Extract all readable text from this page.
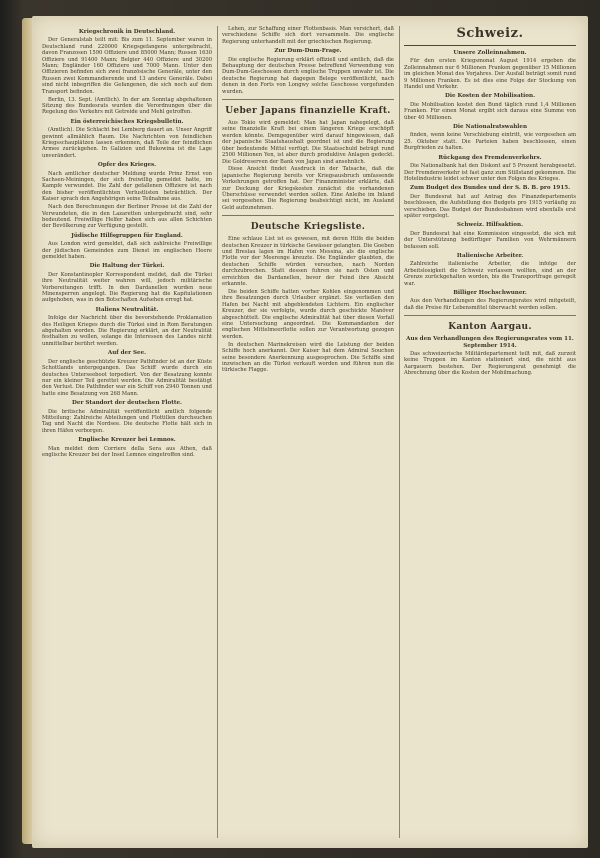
Kriegschronik in Deutschland.

Der Generalstab teilt mit: Bis zum 11. September waren in Deutschland rund 220000 Kriegsgefangene untergebracht, davon Franzosen 1590 Offiziere und 85000 Mann; Russen 1630 Offiziere und 91400 Mann; Belgier 440 Offiziere und 30200 Mann; Engländer 160 Offiziere und 7000 Mann. Unter den Offizieren befinden sich zwei französische Generäle, unter den Russen zwei Kommandierende und 13 andere Generäle. Dabei sind nicht inbegriffen die Gefangenen, die sich noch auf dem Transport befinden.

Berlin, 13. Sept. (Amtlich). In der am Sonntag abgehaltenen Sitzung des Bundesrats wurden die Verordnungen über die Regelung des Verkehrs mit Getreide und Mehl getroffen.

Ein österreichisches Kriegsbulletin.

(Amtlich). Die Schlacht bei Lemberg dauert an. Unser Angriff gewinnt allmählich Raum. Die Nachrichten von feindlichen Kriegsschauplätzen lassen erkennen, daß Teile der feindlichen Armee zurückgehen. In Galizien und Bukowina ist die Lage unverändert.

Opfer des Krieges.

Nach amtlicher deutscher Meldung wurde Prinz Ernst von Sachsen-Meiningen, der sich freiwillig gemeldet hatte, im Kampfe verwundet. Die Zahl der gefallenen Offiziere ist nach den bisher veröffentlichten Verlustlisten beträchtlich. Der Kaiser sprach den Angehörigen seine Teilnahme aus.

Nach den Berechnungen der Berliner Presse ist die Zahl der Verwundeten, die in den Lazaretten untergebracht sind, sehr bedeutend. Freiwillige Helfer haben sich aus allen Schichten der Bevölkerung zur Verfügung gestellt.

Jüdische Hilfsgruppen für England.

Aus London wird gemeldet, daß sich zahlreiche Freiwillige der jüdischen Gemeinden zum Dienst im englischen Heere gemeldet haben.

Die Haltung der Türkei.

Der Konstantinopler Korrespondent meldet, daß die Türkei ihre Neutralität weiter wahren will, jedoch militärische Vorbereitungen trifft. In den Dardanellen wurden neue Minensperren angelegt. Die Regierung hat die Kapitulationen aufgehoben, was in den Botschaften Aufsehen erregt hat.

Italiens Neutralität.

Infolge der Nachricht über die bevorstehende Proklamation des Heiligen Krieges durch die Türkei sind in Rom Beratungen abgehalten worden. Die Regierung erklärt, an der Neutralität festhalten zu wollen, solange die Interessen des Landes nicht unmittelbar berührt werden.

Auf der See.

Der englische geschützte Kreuzer Pathfinder ist an der Küste Schottlands untergegangen. Das Schiff wurde durch ein deutsches Unterseeboot torpediert. Von der Besatzung konnte nur ein kleiner Teil gerettet werden. Die Admiralität bestätigt den Verlust. Die Pathfinder war ein Schiff von 2940 Tonnen und hatte eine Besatzung von 268 Mann.

Der Standort der deutschen Flotte.

Die britische Admiralität veröffentlicht amtlich folgende Mitteilung: Zahlreiche Abteilungen und Flottillen durchsuchen Tag und Nacht die Nordsee. Die deutsche Flotte hält sich in ihren Häfen verborgen.

Englische Kreuzer bei Lemnos.

Man meldet dem Corriere della Sera aus Athen, daß englische Kreuzer bei der Insel Lemnos eingetroffen sind.

Lehen, zur Schaffung einer Flottenbasis. Man versichert, daß verschiedene Schiffe sich dort versammeln. Die englische Regierung unterhandelt mit der griechischen Regierung.

Zur Dum-Dum-Frage.

Die englische Regierung erklärt offiziell und amtlich, daß die Behauptung der deutschen Presse betreffend Verwendung von Dum-Dum-Geschossen durch englische Truppen unwahr ist. Die deutsche Regierung hat dagegen Belege veröffentlicht, nach denen in den Forts von Longwy solche Geschosse vorgefunden wurden.

Ueber Japans finanzielle Kraft.

Aus Tokio wird gemeldet: Man hat Japan nahegelegt, daß seine finanzielle Kraft bei einem längeren Kriege erschöpft werden könnte. Demgegenüber wird darauf hingewiesen, daß der japanische Staatshaushalt geordnet ist und die Regierung über bedeutende Mittel verfügt. Die Staatsschuld beträgt rund 2500 Millionen Yen, ist aber durch produktive Anlagen gedeckt. Die Goldreserven der Bank von Japan sind ansehnlich.

Diese Ansicht findet Ausdruck in der Tatsache, daß die japanische Regierung bereits vor Kriegsausbruch umfassende Vorkehrungen getroffen hat. Der Finanzminister erklärte, daß zur Deckung der Kriegskosten zunächst die vorhandenen Überschüsse verwendet werden sollen. Eine Anleihe im Inland sei vorgesehen. Die Regierung beabsichtigt nicht, im Ausland Geld aufzunehmen.

Deutsche Kriegsliste.

Eine schlaue List ist es gewesen, mit deren Hilfe die beiden deutschen Kreuzer in türkische Gewässer gelangten. Die Goeben und Breslau lagen im Hafen von Messina, als die englische Flotte vor der Meerenge kreuzte. Die Engländer glaubten, die deutschen Schiffe würden versuchen, nach Norden durchzubrechen. Statt dessen fuhren sie nach Osten und erreichten die Dardanellen, bevor der Feind ihre Absicht erkannte.

Die beiden Schiffe hatten vorher Kohlen eingenommen und ihre Besatzungen durch Urlauber ergänzt. Sie verließen den Hafen bei Nacht mit abgeblendeten Lichtern. Ein englischer Kreuzer, der sie verfolgte, wurde durch geschickte Manöver abgeschüttelt. Die englische Admiralität hat über diesen Vorfall eine Untersuchung angeordnet. Die Kommandanten der englischen Mittelmeerflotte sollen zur Verantwortung gezogen werden.

In deutschen Marinekreisen wird die Leistung der beiden Schiffe hoch anerkannt. Der Kaiser hat dem Admiral Souchon seine besondere Anerkennung ausgesprochen. Die Schiffe sind inzwischen an die Türkei verkauft worden und führen nun die türkische Flagge.

Schweiz.
Unsere Zolleinnahmen.

Für den ersten Kriegsmonat August 1914 ergeben die Zolleinnahmen nur 6 Millionen Franken gegenüber 15 Millionen im gleichen Monat des Vorjahres. Der Ausfall beträgt somit rund 9 Millionen Franken. Es ist dies eine Folge der Stockung von Handel und Verkehr.

Die Kosten der Mobilisation.

Die Mobilisation kostet den Bund täglich rund 1,4 Millionen Franken. Für einen Monat ergibt sich daraus eine Summe von über 40 Millionen.

Die Nationalratswahlen

finden, wenn keine Verschiebung eintritt, wie vorgesehen am 25. Oktober statt. Die Parteien haben beschlossen, einen Burgfrieden zu halten.

Rückgang des Fremdenverkehrs.

Die Nationalbank hat den Diskont auf 5 Prozent herabgesetzt. Der Fremdenverkehr ist fast ganz zum Stillstand gekommen. Die Hotelindustrie leidet schwer unter den Folgen des Krieges.

Zum Budget des Bundes und der S. B. B. pro 1915.

Der Bundesrat hat auf Antrag des Finanzdepartements beschlossen, die Aufstellung des Budgets pro 1915 vorläufig zu verschieben. Das Budget der Bundesbahnen wird ebenfalls erst später vorgelegt.

Schweiz. Hilfsaktion.

Der Bundesrat hat eine Kommission eingesetzt, die sich mit der Unterstützung bedürftiger Familien von Wehrmännern befassen soll.

Italienische Arbeiter.

Zahlreiche italienische Arbeiter, die infolge der Arbeitslosigkeit die Schweiz verlassen wollten, sind an der Grenze zurückgehalten worden, bis die Transportfrage geregelt war.

Billiger Hochschwuner.

Aus den Verhandlungen des Regierungsrates wird mitgeteilt, daß die Preise für Lebensmittel überwacht werden sollen.

Kanton Aargau.
Aus den Verhandlungen des Regierungsrates vom 11. September 1914.

Das schweizerische Militärdepartement teilt mit, daß zurzeit keine Truppen im Kanton stationiert sind, die nicht aus Aargauern bestehen. Der Regierungsrat genehmigt die Abrechnung über die Kosten der Mobilmachung.
